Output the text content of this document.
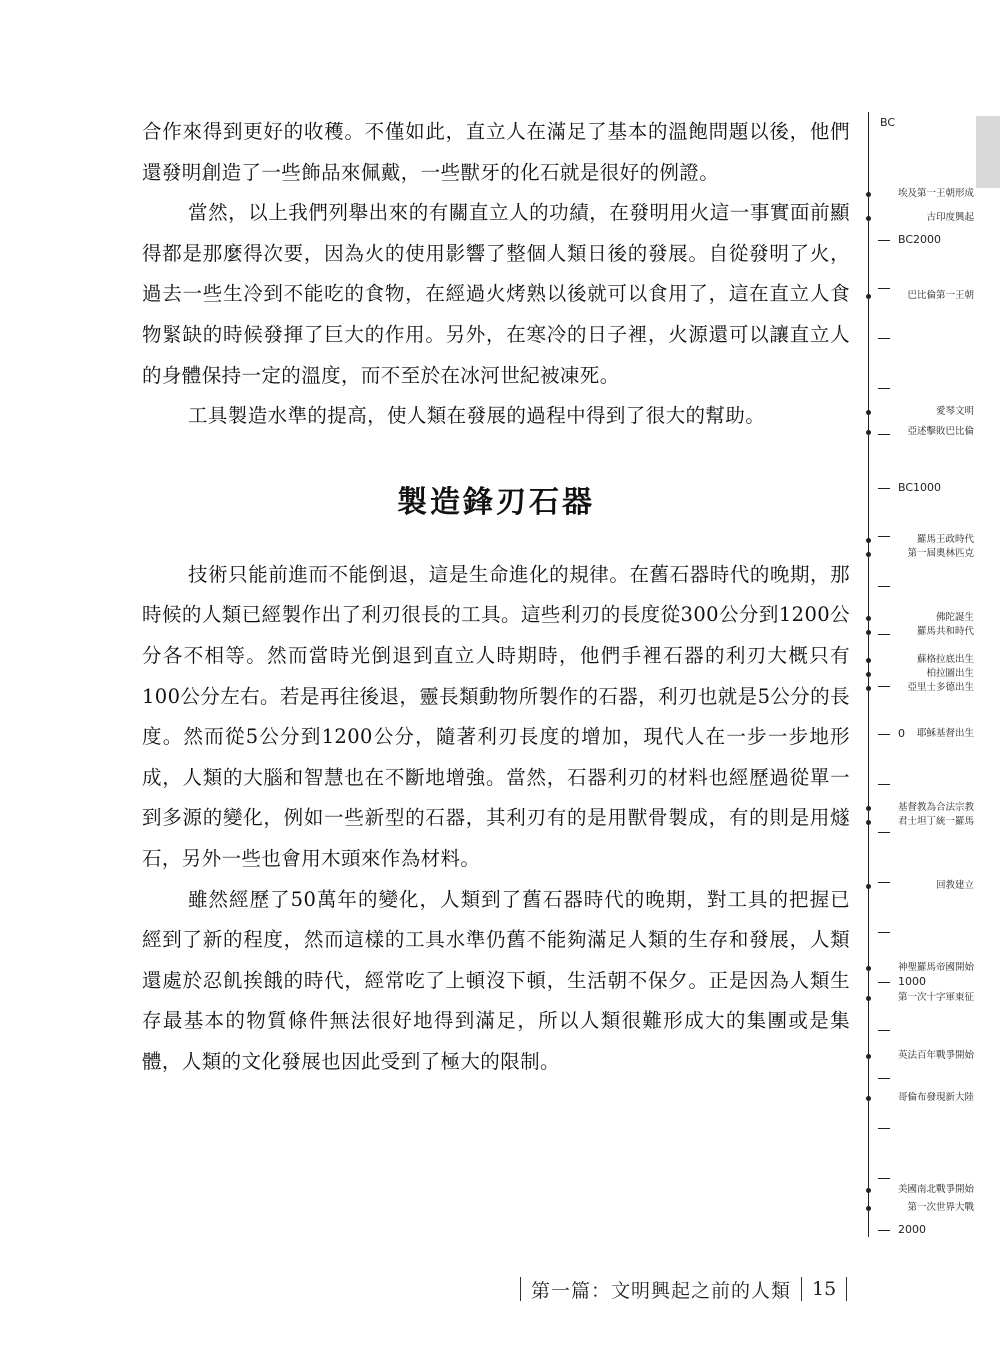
合作來得到更好的收穫。不僅如此，直立人在滿足了基本的溫飽問題以後，他們還發明創造了一些飾品來佩戴，一些獸牙的化石就是很好的例證。

當然，以上我們列舉出來的有關直立人的功績，在發明用火這一事實面前顯得都是那麼得次要，因為火的使用影響了整個人類日後的發展。自從發明了火，過去一些生冷到不能吃的食物，在經過火烤熟以後就可以食用了，這在直立人食物緊缺的時候發揮了巨大的作用。另外，在寒冷的日子裡，火源還可以讓直立人的身體保持一定的溫度，而不至於在冰河世紀被凍死。

工具製造水準的提高，使人類在發展的過程中得到了很大的幫助。

製造鋒刃石器

技術只能前進而不能倒退，這是生命進化的規律。在舊石器時代的晚期，那時候的人類已經製作出了利刃很長的工具。這些利刃的長度從300公分到1200公分各不相等。然而當時光倒退到直立人時期時，他們手裡石器的利刃大概只有100公分左右。若是再往後退，靈長類動物所製作的石器，利刃也就是5公分的長度。然而從5公分到1200公分，隨著利刃長度的增加，現代人在一步一步地形成，人類的大腦和智慧也在不斷地增強。當然，石器利刃的材料也經歷過從單一到多源的變化，例如一些新型的石器，其利刃有的是用獸骨製成，有的則是用燧石，另外一些也會用木頭來作為材料。

雖然經歷了50萬年的變化，人類到了舊石器時代的晚期，對工具的把握已經到了新的程度，然而這樣的工具水準仍舊不能夠滿足人類的生存和發展，人類還處於忍飢挨餓的時代，經常吃了上頓沒下頓，生活朝不保夕。正是因為人類生存最基本的物質條件無法很好地得到滿足，所以人類很難形成大的集團或是集體，人類的文化發展也因此受到了極大的限制。

BC
BC2000
BC1000
0
1000
2000
埃及第一王朝形成
古印度興起
巴比倫第一王朝
愛琴文明
亞述擊敗巴比倫
羅馬王政時代
第一屆奧林匹克
佛陀誕生
羅馬共和時代
蘇格拉底出生
柏拉圖出生
亞里士多德出生
耶穌基督出生
基督教為合法宗教
君士坦丁統一羅馬
回教建立
神聖羅馬帝國開始
第一次十字軍東征
英法百年戰爭開始
哥倫布發現新大陸
美國南北戰爭開始
第一次世界大戰
第一篇：文明興起之前的人類 15
